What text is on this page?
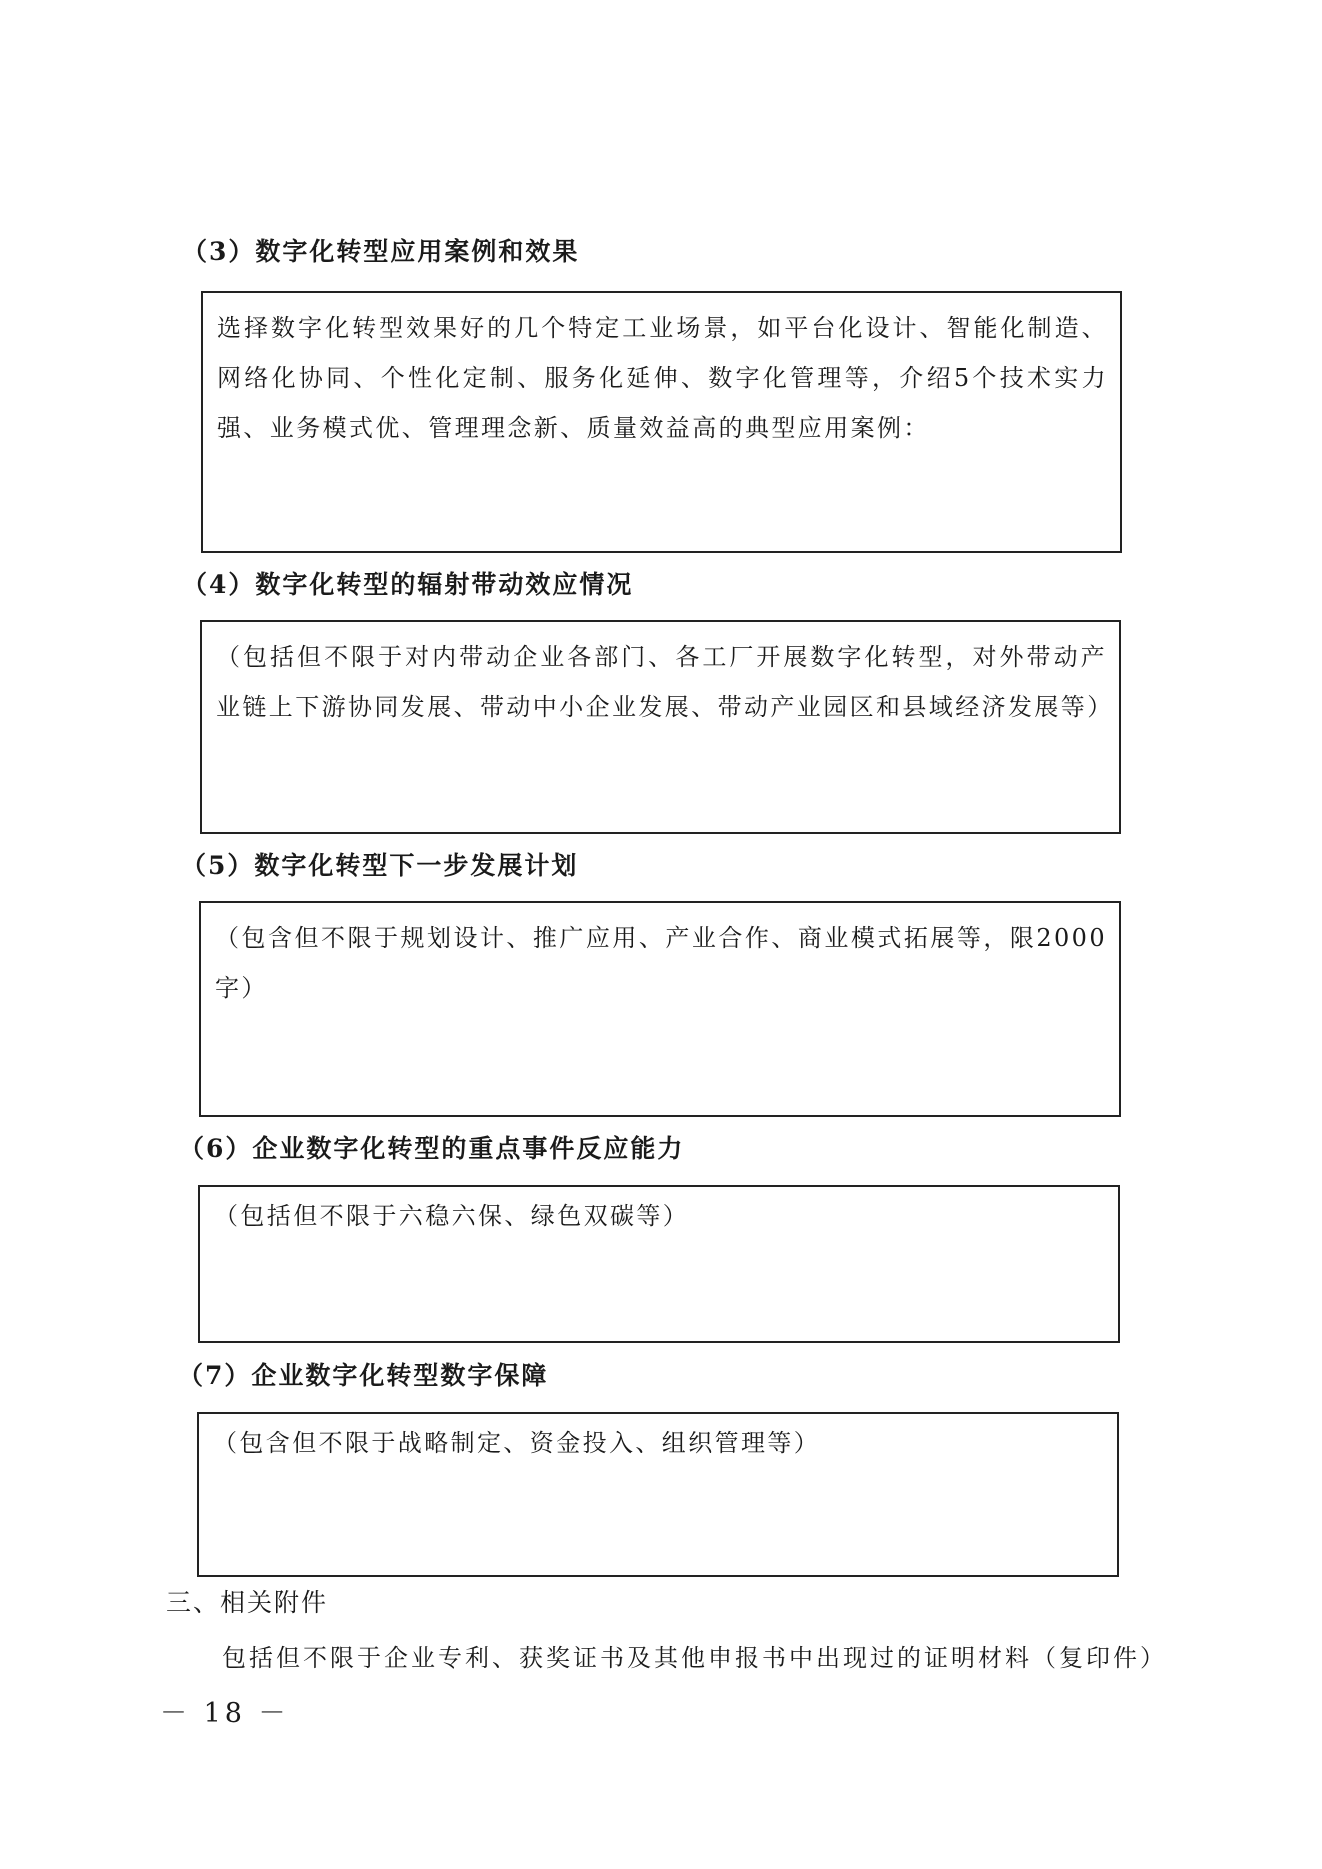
（3）数字化转型应用案例和效果
选择数字化转型效果好的几个特定工业场景，如平台化设计、智能化制造、网络化协同、个性化定制、服务化延伸、数字化管理等，介绍5个技术实力强、业务模式优、管理理念新、质量效益高的典型应用案例：
（4）数字化转型的辐射带动效应情况
（包括但不限于对内带动企业各部门、各工厂开展数字化转型，对外带动产业链上下游协同发展、带动中小企业发展、带动产业园区和县域经济发展等）
（5）数字化转型下一步发展计划
（包含但不限于规划设计、推广应用、产业合作、商业模式拓展等，限2000字）
（6）企业数字化转型的重点事件反应能力
（包括但不限于六稳六保、绿色双碳等）
（7）企业数字化转型数字保障
（包含但不限于战略制定、资金投入、组织管理等）
三、相关附件
包括但不限于企业专利、获奖证书及其他申报书中出现过的证明材料（复印件）
－ 18 －
